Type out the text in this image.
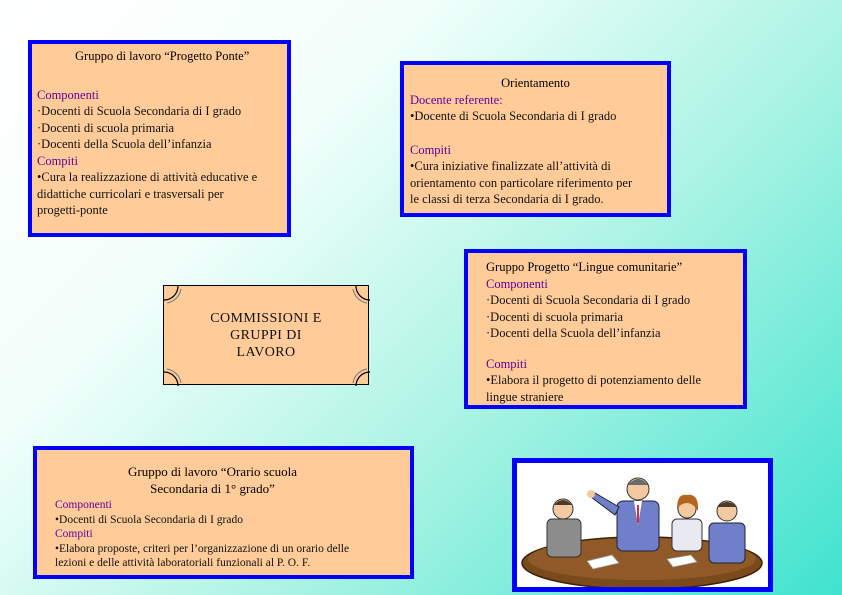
Gruppo di lavoro “Progetto Ponte”
Componenti
·Docenti di Scuola Secondaria di I grado
·Docenti di scuola primaria
·Docenti della Scuola dell’infanzia
Compiti
•Cura la realizzazione di attività educative e
didattiche curricolari e trasversali per
progetti-ponte
Orientamento
Docente referente:
•Docente di Scuola Secondaria di I grado
Compiti
•Cura iniziative finalizzate all’attività di
orientamento con particolare riferimento per
le classi di terza Secondaria di I grado.
Gruppo Progetto “Lingue comunitarie”
Componenti
·Docenti di Scuola Secondaria di I grado
·Docenti di scuola primaria
·Docenti della Scuola dell’infanzia
Compiti
•Elabora il progetto di potenziamento delle
lingue straniere
COMMISSIONI E
GRUPPI DI
LAVORO
Gruppo di lavoro “Orario scuola
Secondaria di 1° grado”
Componenti
•Docenti di Scuola Secondaria di I grado
Compiti
•Elabora proposte, criteri per l’organizzazione di un orario delle
lezioni e delle attività laboratoriali funzionali al P. O. F.
